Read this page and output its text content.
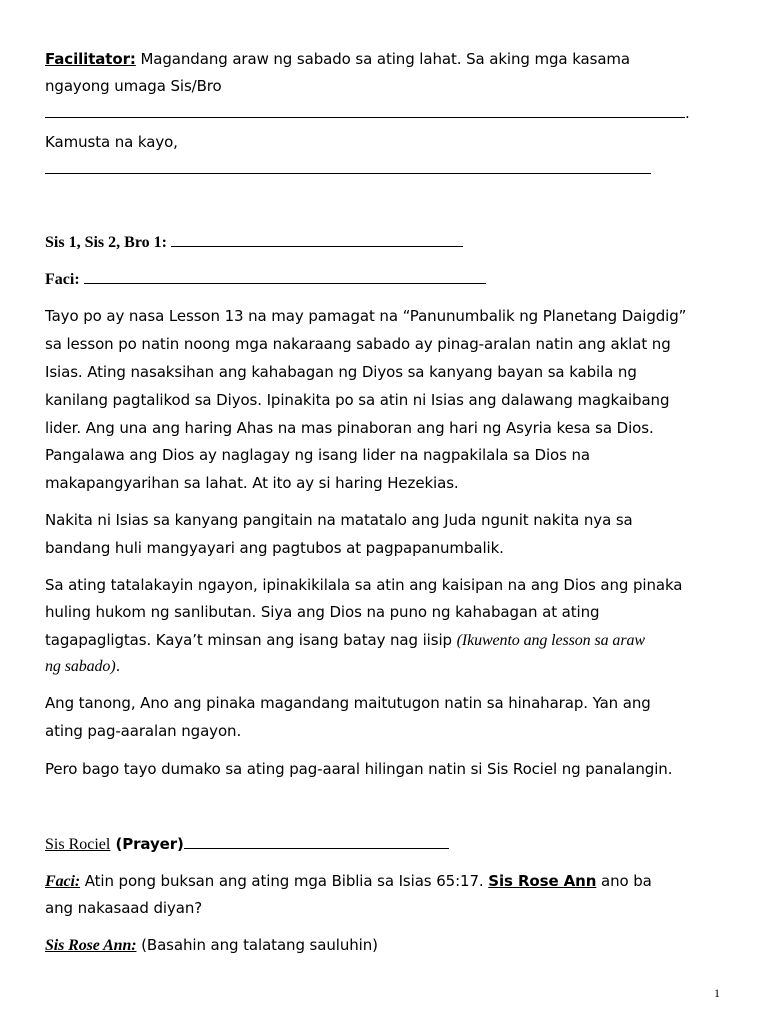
Facilitator: Magandang araw ng sabado sa ating lahat. Sa aking mga kasama
ngayong umaga Sis/Bro
.
Kamusta na kayo,
Sis 1, Sis 2, Bro 1:
Faci:
Tayo po ay nasa Lesson 13 na may pamagat na “Panunumbalik ng Planetang Daigdig”
sa lesson po natin noong mga nakaraang sabado ay pinag-aralan natin ang aklat ng
Isias. Ating nasaksihan ang kahabagan ng Diyos sa kanyang bayan sa kabila ng
kanilang pagtalikod sa Diyos. Ipinakita po sa atin ni Isias ang dalawang magkaibang
lider. Ang una ang haring Ahas na mas pinaboran ang hari ng Asyria kesa sa Dios.
Pangalawa ang Dios ay naglagay ng isang lider na nagpakilala sa Dios na
makapangyarihan sa lahat. At ito ay si haring Hezekias.
Nakita ni Isias sa kanyang pangitain na matatalo ang Juda ngunit nakita nya sa
bandang huli mangyayari ang pagtubos at pagpapanumbalik.
Sa ating tatalakayin ngayon, ipinakikilala sa atin ang kaisipan na ang Dios ang pinaka
huling hukom ng sanlibutan. Siya ang Dios na puno ng kahabagan at ating
tagapagligtas. Kaya’t minsan ang isang batay nag iisip (Ikuwento ang lesson sa araw
ng sabado).
Ang tanong, Ano ang pinaka magandang maitutugon natin sa hinaharap. Yan ang
ating pag-aaralan ngayon.
Pero bago tayo dumako sa ating pag-aaral hilingan natin si Sis Rociel ng panalangin.
Sis Rociel (Prayer)
Faci: Atin pong buksan ang ating mga Biblia sa Isias 65:17. Sis Rose Ann ano ba
ang nakasaad diyan?
Sis Rose Ann: (Basahin ang talatang sauluhin)
1
